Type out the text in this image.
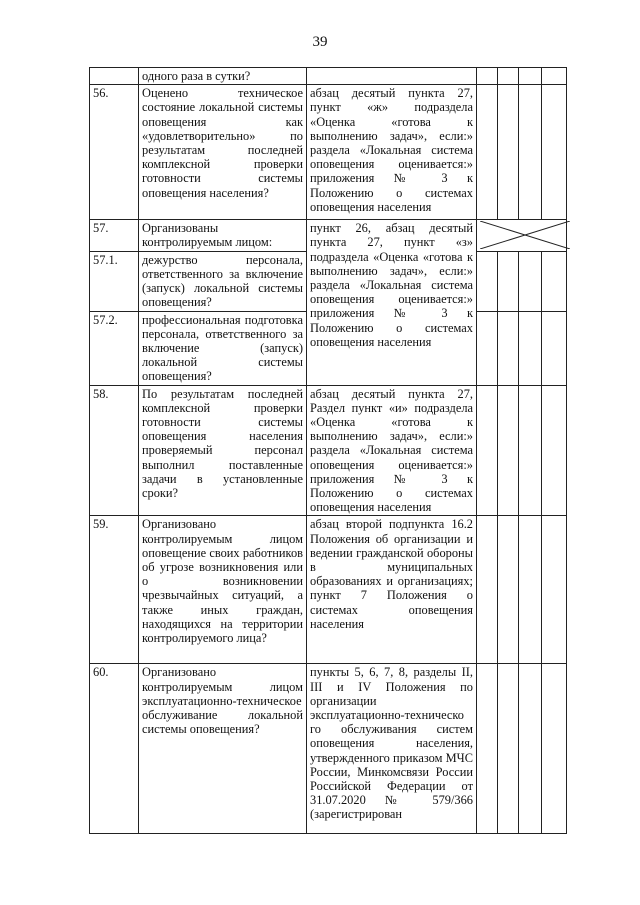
39
	одного раза в сутки?					
56.	Оценено техническое состояние локальной системы оповещения как «удовлетворительно» по результатам последней комплексной проверки готовности системы оповещения населения?	абзац десятый пункта 27, пункт «ж» подраздела «Оценка «готова к выполнению задач», если:» раздела «Локальная система оповещения оценивается:» приложения № 3 к Положению о системах оповещения населения				
57.	Организованы контролируемым лицом:	пункт 26, абзац десятый пункта 27, пункт «з» подраздела «Оценка «готова к выполнению задач», если:» раздела «Локальная система оповещения оценивается:» приложения № 3 к Положению о системах оповещения населения	

57.1.	дежурство персонала, ответственного за включение (запуск) локальной системы оповещения?					
57.2.	профессиональная подготовка персонала, ответственного за включение (запуск) локальной системы оповещения?					
58.	По результатам последней комплексной проверки готовности системы оповещения населения проверяемый персонал выполнил поставленные задачи в установленные сроки?	абзац десятый пункта 27, Раздел пункт «и» подраздела «Оценка «готова к выполнению задач», если:» раздела «Локальная система оповещения оценивается:» приложения № 3 к Положению о системах оповещения населения				
59.	Организовано контролируемым лицом оповещение своих работников об угрозе возникновения или о возникновении чрезвычайных ситуаций, а также иных граждан, находящихся на территории контролируемого лица?	абзац второй подпункта 16.2 Положения об организации и ведении гражданской обороны в муниципальных образованиях и организациях; пункт 7 Положения о системах оповещения населения				
60.	Организовано контролируемым лицом эксплуатационно-техническое обслуживание локальной системы оповещения?	пункты 5, 6, 7, 8, разделы II, III и IV Положения по организации эксплуатационно-техническо го обслуживания систем оповещения населения, утвержденного приказом МЧС России, Минкомсвязи России Российской Федерации от 31.07.2020 № 579/366 (зарегистрирован				
